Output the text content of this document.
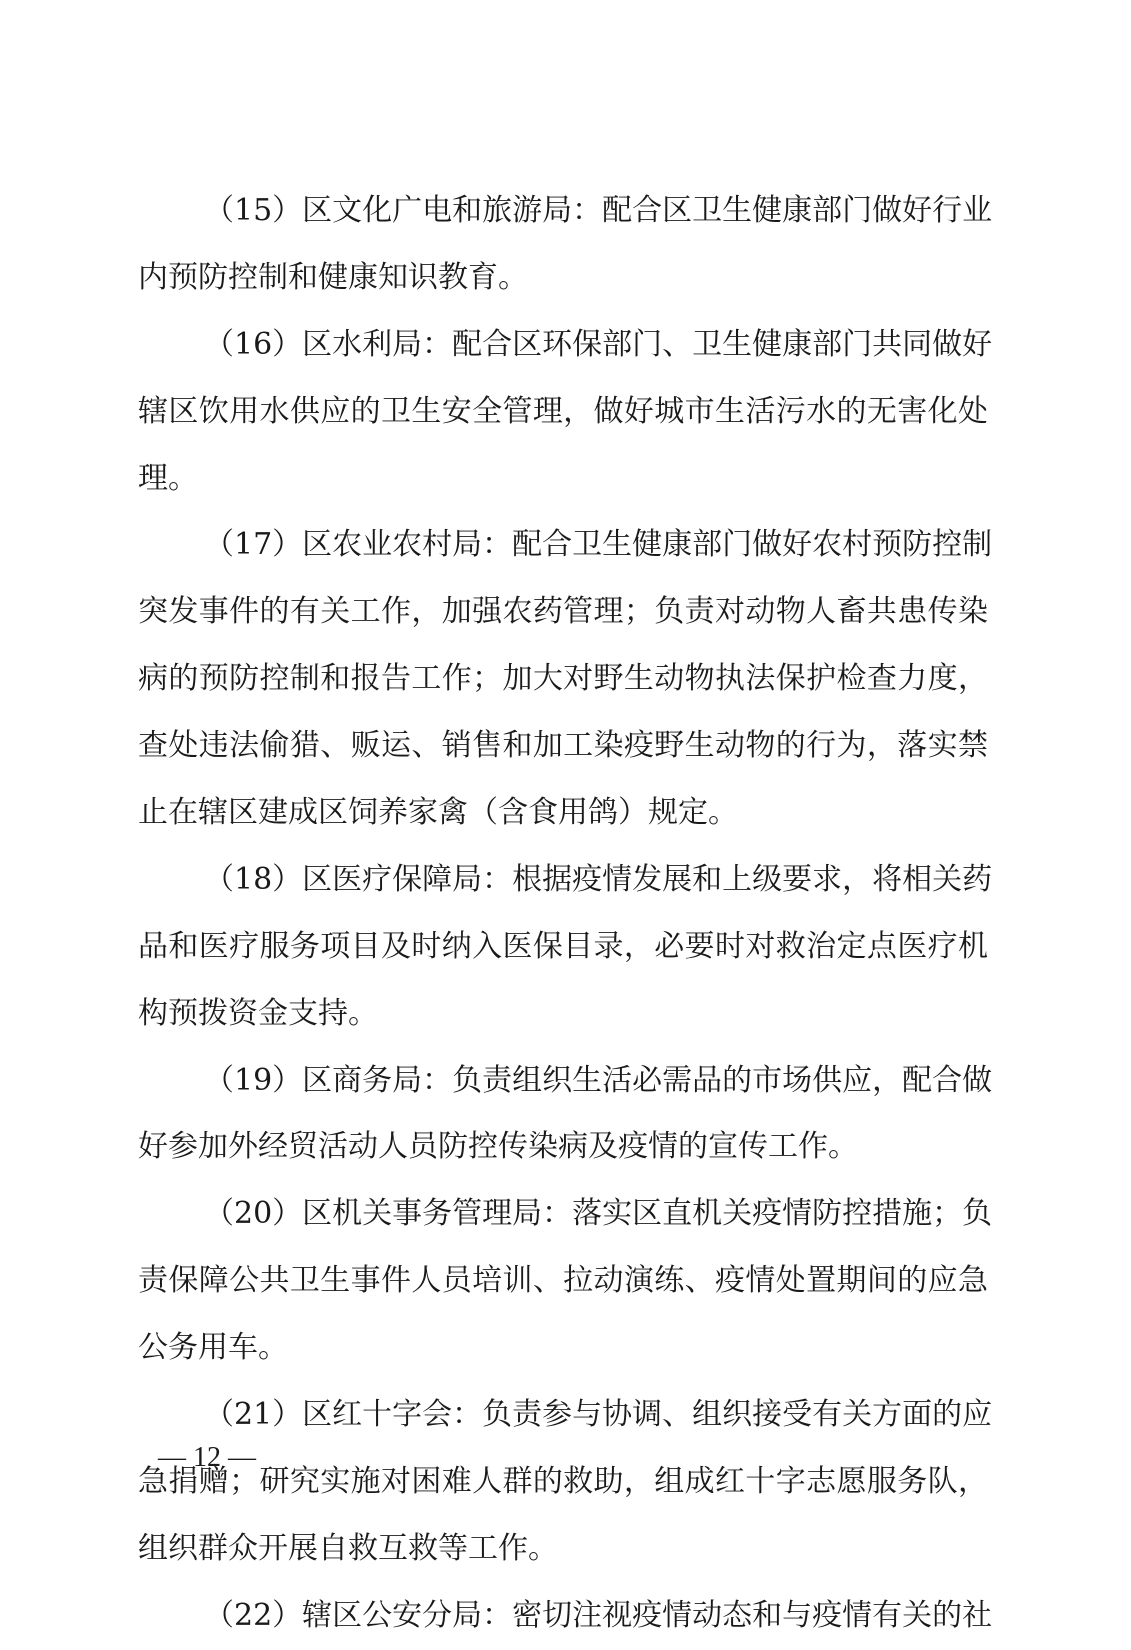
（15）区文化广电和旅游局：配合区卫生健康部门做好行业
内预防控制和健康知识教育。
（16）区水利局：配合区环保部门、卫生健康部门共同做好
辖区饮用水供应的卫生安全管理，做好城市生活污水的无害化处
理。
（17）区农业农村局：配合卫生健康部门做好农村预防控制
突发事件的有关工作，加强农药管理；负责对动物人畜共患传染
病的预防控制和报告工作；加大对野生动物执法保护检查力度，
查处违法偷猎、贩运、销售和加工染疫野生动物的行为，落实禁
止在辖区建成区饲养家禽（含食用鸽）规定。
（18）区医疗保障局：根据疫情发展和上级要求，将相关药
品和医疗服务项目及时纳入医保目录，必要时对救治定点医疗机
构预拨资金支持。
（19）区商务局：负责组织生活必需品的市场供应，配合做
好参加外经贸活动人员防控传染病及疫情的宣传工作。
（20）区机关事务管理局：落实区直机关疫情防控措施；负
责保障公共卫生事件人员培训、拉动演练、疫情处置期间的应急
公务用车。
（21）区红十字会：负责参与协调、组织接受有关方面的应
急捐赠；研究实施对困难人群的救助，组成红十字志愿服务队，
组织群众开展自救互救等工作。
（22）辖区公安分局：密切注视疫情动态和与疫情有关的社
— 12 —
